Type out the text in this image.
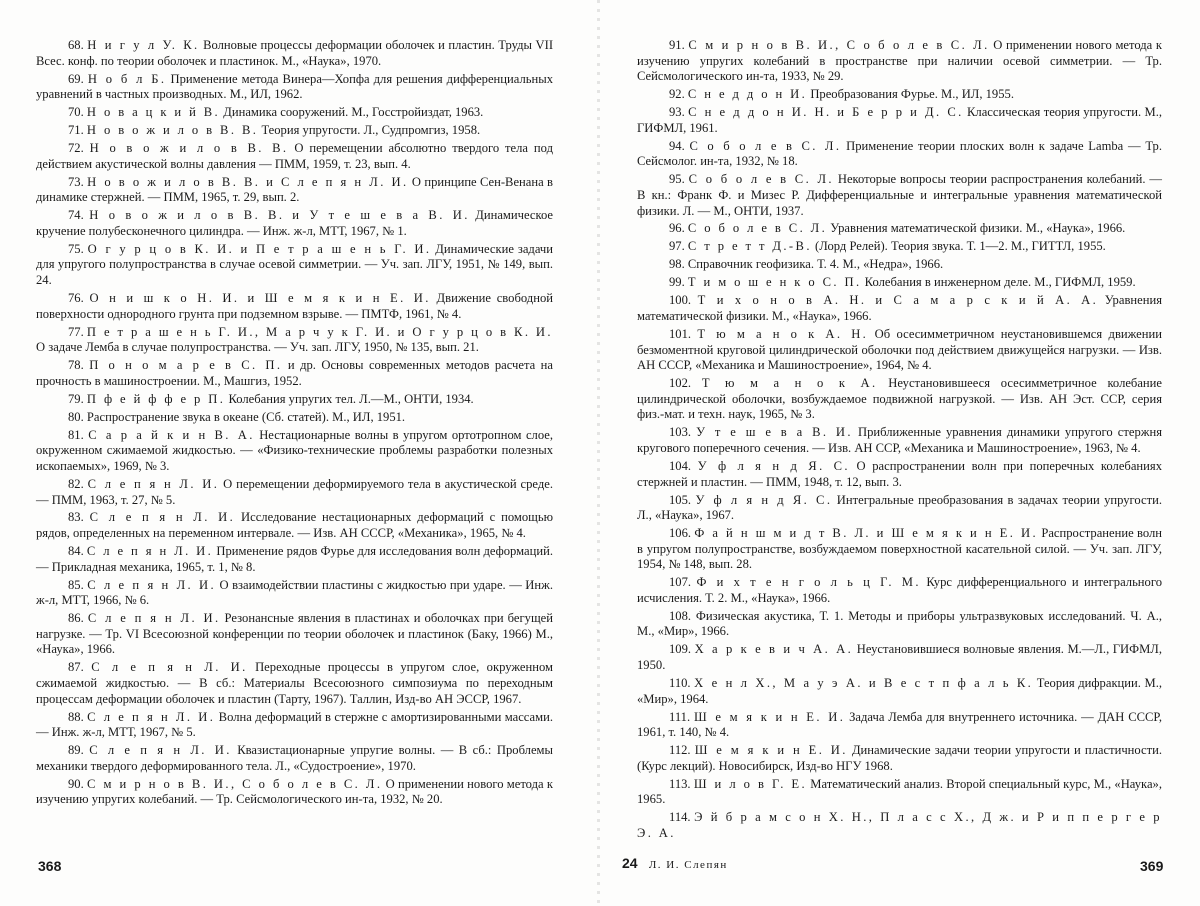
68. Н и г у л У. К. Волновые процессы деформации оболочек и пластин. Труды VII Всес. конф. по теории оболочек и пластинок. М., «Наука», 1970.

69. Н о б л Б. Применение метода Винера—Хопфа для решения дифференциальных уравнений в частных производных. М., ИЛ, 1962.

70. Н о в а ц к и й В. Динамика сооружений. М., Госстройиздат, 1963.

71. Н о в о ж и л о в В. В. Теория упругости. Л., Судпромгиз, 1958.

72. Н о в о ж и л о в В. В. О перемещении абсолютно твердого тела под действием акустической волны давления — ПММ, 1959, т. 23, вып. 4.

73. Н о в о ж и л о в В. В. и С л е п я н Л. И. О принципе Сен-Венана в динамике стержней. — ПММ, 1965, т. 29, вып. 2.

74. Н о в о ж и л о в В. В. и У т е ш е в а В. И. Динамическое кручение полубесконечного цилиндра. — Инж. ж-л, МТТ, 1967, № 1.

75. О г у р ц о в К. И. и П е т р а ш е н ь Г. И. Динамические задачи для упругого полупространства в случае осевой симметрии. — Уч. зап. ЛГУ, 1951, № 149, вып. 24.

76. О н и ш к о Н. И. и Ш е м я к и н Е. И. Движение свободной поверхности однородного грунта при подземном взрыве. — ПМТФ, 1961, № 4.

77. П е т р а ш е н ь Г. И., М а р ч у к Г. И. и О г у р ц о в К. И. О задаче Лемба в случае полупространства. — Уч. зап. ЛГУ, 1950, № 135, вып. 21.

78. П о н о м а р е в С. П. и др. Основы современных методов расчета на прочность в машиностроении. М., Машгиз, 1952.

79. П ф е й ф ф е р П. Колебания упругих тел. Л.—М., ОНТИ, 1934.

80. Распространение звука в океане (Сб. статей). М., ИЛ, 1951.

81. С а р а й к и н В. А. Нестационарные волны в упругом ортотропном слое, окруженном сжимаемой жидкостью. — «Физико-технические проблемы разработки полезных ископаемых», 1969, № 3.

82. С л е п я н Л. И. О перемещении деформируемого тела в акустической среде. — ПММ, 1963, т. 27, № 5.

83. С л е п я н Л. И. Исследование нестационарных деформаций с помощью рядов, определенных на переменном интервале. — Изв. АН СССР, «Механика», 1965, № 4.

84. С л е п я н Л. И. Применение рядов Фурье для исследования волн деформаций. — Прикладная механика, 1965, т. 1, № 8.

85. С л е п я н Л. И. О взаимодействии пластины с жидкостью при ударе. — Инж. ж-л, МТТ, 1966, № 6.

86. С л е п я н Л. И. Резонансные явления в пластинах и оболочках при бегущей нагрузке. — Тр. VI Всесоюзной конференции по теории оболочек и пластинок (Баку, 1966) М., «Наука», 1966.

87. С л е п я н Л. И. Переходные процессы в упругом слое, окруженном сжимаемой жидкостью. — В сб.: Материалы Всесоюзного симпозиума по переходным процессам деформации оболочек и пластин (Тарту, 1967). Таллин, Изд-во АН ЭССР, 1967.

88. С л е п я н Л. И. Волна деформаций в стержне с амортизированными массами. — Инж. ж-л, МТТ, 1967, № 5.

89. С л е п я н Л. И. Квазистационарные упругие волны. — В сб.: Проблемы механики твердого деформированного тела. Л., «Судостроение», 1970.

90. С м и р н о в В. И., С о б о л е в С. Л. О применении нового метода к изучению упругих колебаний. — Тр. Сейсмологического ин-та, 1932, № 20.

368

91. С м и р н о в В. И., С о б о л е в С. Л. О применении нового метода к изучению упругих колебаний в пространстве при наличии осевой симметрии. — Тр. Сейсмологического ин-та, 1933, № 29.

92. С н е д д о н И. Преобразования Фурье. М., ИЛ, 1955.

93. С н е д д о н И. Н. и Б е р р и Д. С. Классическая теория упругости. М., ГИФМЛ, 1961.

94. С о б о л е в С. Л. Применение теории плоских волн к задаче Lamba — Тр. Сейсмолог. ин-та, 1932, № 18.

95. С о б о л е в С. Л. Некоторые вопросы теории распространения колебаний. — В кн.: Франк Ф. и Мизес Р. Дифференциальные и интегральные уравнения математической физики. Л. — М., ОНТИ, 1937.

96. С о б о л е в С. Л. Уравнения математической физики. М., «Наука», 1966.

97. С т р е т т Д.-В. (Лорд Релей). Теория звука. Т. 1—2. М., ГИТТЛ, 1955.

98. Справочник геофизика. Т. 4. М., «Недра», 1966.

99. Т и м о ш е н к о С. П. Колебания в инженерном деле. М., ГИФМЛ, 1959.

100. Т и х о н о в А. Н. и С а м а р с к и й А. А. Уравнения математической физики. М., «Наука», 1966.

101. Т ю м а н о к А. Н. Об осесимметричном неустановившемся движении безмоментной круговой цилиндрической оболочки под действием движущейся нагрузки. — Изв. АН СССР, «Механика и Машиностроение», 1964, № 4.

102. Т ю м а н о к А. Неустановившееся осесимметричное колебание цилиндрической оболочки, возбуждаемое подвижной нагрузкой. — Изв. АН Эст. ССР, серия физ.-мат. и техн. наук, 1965, № 3.

103. У т е ш е в а В. И. Приближенные уравнения динамики упругого стержня кругового поперечного сечения. — Изв. АН ССР, «Механика и Машиностроение», 1963, № 4.

104. У ф л я н д Я. С. О распространении волн при поперечных колебаниях стержней и пластин. — ПММ, 1948, т. 12, вып. 3.

105. У ф л я н д Я. С. Интегральные преобразования в задачах теории упругости. Л., «Наука», 1967.

106. Ф а й н ш м и д т В. Л. и Ш е м я к и н Е. И. Распространение волн в упругом полупространстве, возбуждаемом поверхностной касательной силой. — Уч. зап. ЛГУ, 1954, № 148, вып. 28.

107. Ф и х т е н г о л ь ц Г. М. Курс дифференциального и интегрального исчисления. Т. 2. М., «Наука», 1966.

108. Физическая акустика, Т. 1. Методы и приборы ультразвуковых исследований. Ч. А., М., «Мир», 1966.

109. Х а р к е в и ч А. А. Неустановившиеся волновые явления. М.—Л., ГИФМЛ, 1950.

110. Х е н л Х., М а у э А. и В е с т п ф а л ь К. Теория дифракции. М., «Мир», 1964.

111. Ш е м я к и н Е. И. Задача Лемба для внутреннего источника. — ДАН СССР, 1961, т. 140, № 4.

112. Ш е м я к и н Е. И. Динамические задачи теории упругости и пластичности. (Курс лекций). Новосибирск, Изд-во НГУ 1968.

113. Ш и л о в Г. Е. Математический анализ. Второй специальный курс, М., «Наука», 1965.

114. Э й б р а м с о н Х. Н., П л а с с Х., Д ж. и Р и п п е р г е р Э. А.

24 Л. И. Слепян	369
